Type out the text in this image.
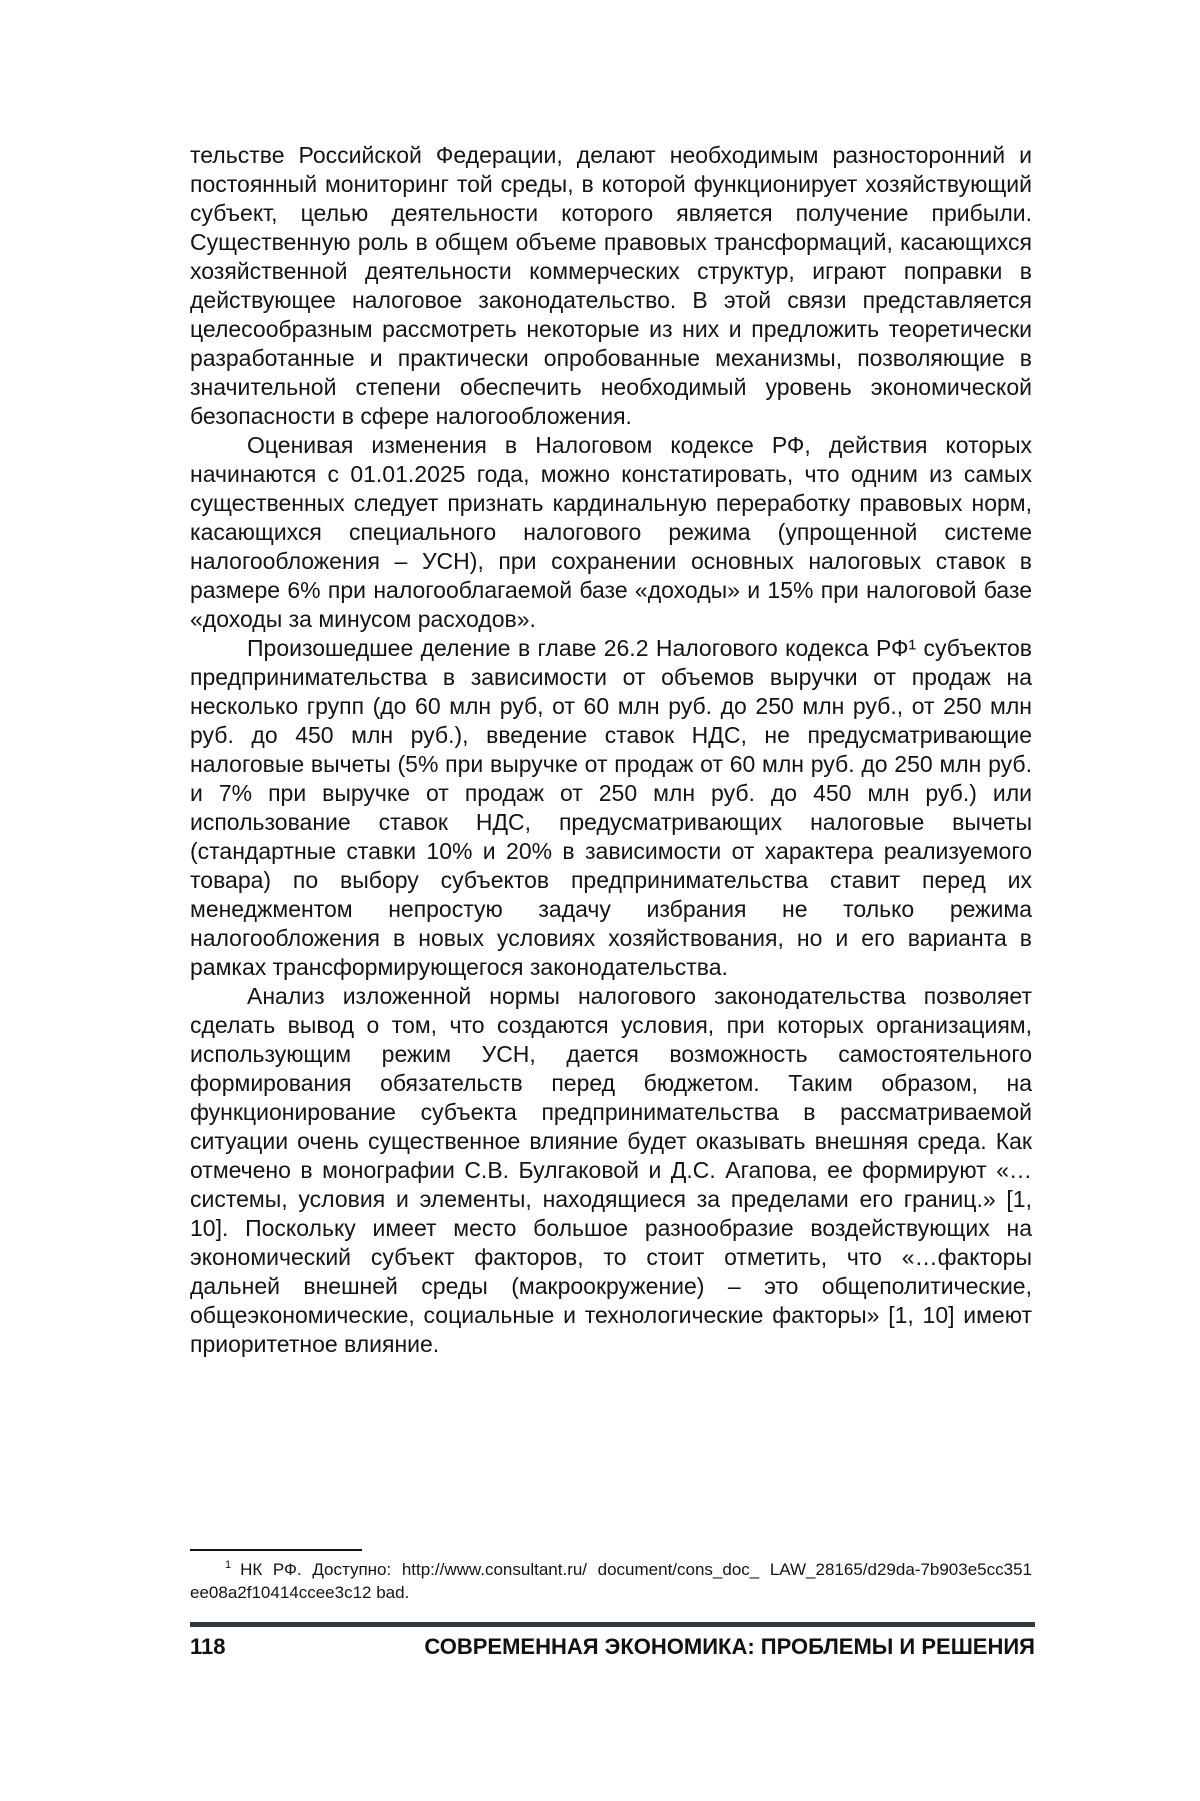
тельстве Российской Федерации, делают необходимым разносторонний и постоянный мониторинг той среды, в которой функционирует хозяйствующий субъект, целью деятельности которого является получение прибыли. Существенную роль в общем объеме правовых трансформаций, касающихся хозяйственной деятельности коммерческих структур, играют поправки в действующее налоговое законодательство. В этой связи представляется целесообразным рассмотреть некоторые из них и предложить теоретически разработанные и практически опробованные механизмы, позволяющие в значительной степени обеспечить необходимый уровень экономической безопасности в сфере налогообложения.

Оценивая изменения в Налоговом кодексе РФ, действия которых начинаются с 01.01.2025 года, можно констатировать, что одним из самых существенных следует признать кардинальную переработку правовых норм, касающихся специального налогового режима (упрощенной системе налогообложения – УСН), при сохранении основных налоговых ставок в размере 6% при налогооблагаемой базе «доходы» и 15% при налоговой базе «доходы за минусом расходов».

Произошедшее деление в главе 26.2 Налогового кодекса РФ¹ субъектов предпринимательства в зависимости от объемов выручки от продаж на несколько групп (до 60 млн руб, от 60 млн руб. до 250 млн руб., от 250 млн руб. до 450 млн руб.), введение ставок НДС, не предусматривающие налоговые вычеты (5% при выручке от продаж от 60 млн руб. до 250 млн руб. и 7% при выручке от продаж от 250 млн руб. до 450 млн руб.) или использование ставок НДС, предусматривающих налоговые вычеты (стандартные ставки 10% и 20% в зависимости от характера реализуемого товара) по выбору субъектов предпринимательства ставит перед их менеджментом непростую задачу избрания не только режима налогообложения в новых условиях хозяйствования, но и его варианта в рамках трансформирующегося законодательства.

Анализ изложенной нормы налогового законодательства позволяет сделать вывод о том, что создаются условия, при которых организациям, использующим режим УСН, дается возможность самостоятельного формирования обязательств перед бюджетом. Таким образом, на функционирование субъекта предпринимательства в рассматриваемой ситуации очень существенное влияние будет оказывать внешняя среда. Как отмечено в монографии С.В. Булгаковой и Д.С. Агапова, ее формируют «… системы, условия и элементы, находящиеся за пределами его границ.» [1, 10]. Поскольку имеет место большое разнообразие воздействующих на экономический субъект факторов, то стоит отметить, что «…факторы дальней внешней среды (макроокружение) – это общеполитические, общеэкономические, социальные и технологические факторы» [1, 10] имеют приоритетное влияние.

$^1$ НК РФ. Доступно: http://www.consultant.ru/ document/cons_doc_ LAW_28165/d29da-7b903e5cc351 ee08a2f10414ccee3c12 bad.

118	СОВРЕМЕННАЯ ЭКОНОМИКА: ПРОБЛЕМЫ И РЕШЕНИЯ
